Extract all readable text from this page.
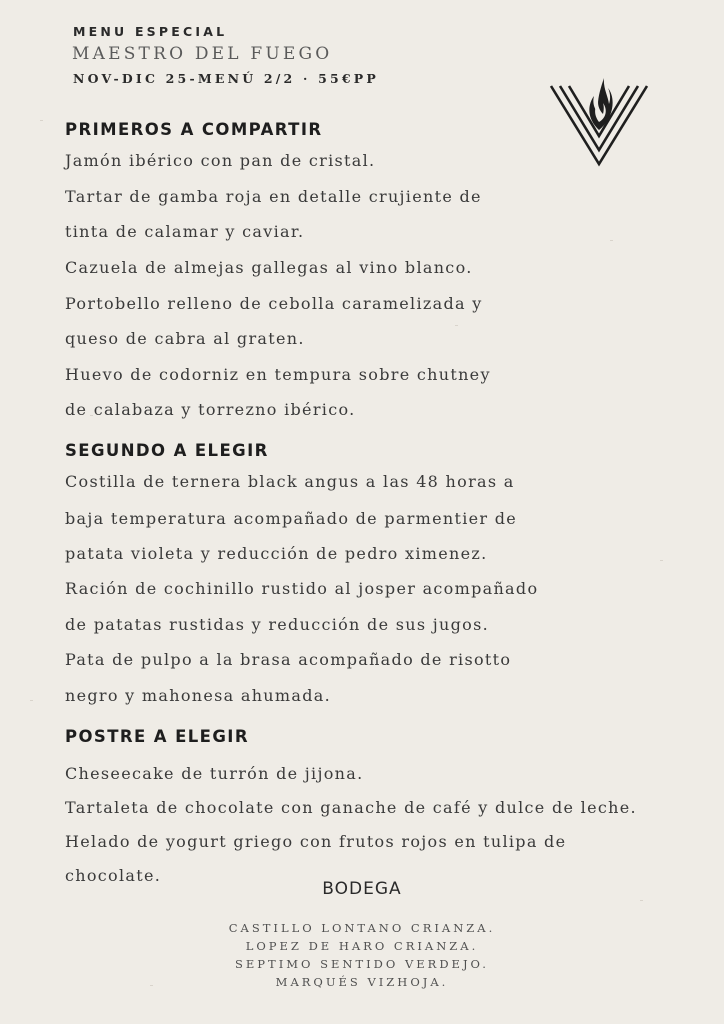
MENU ESPECIAL
MAESTRO DEL FUEGO
NOV-DIC 25-MENÚ 2/2 · 55€PP
PRIMEROS A COMPARTIR
Jamón ibérico con pan de cristal.
Tartar de gamba roja en detalle crujiente de
tinta de calamar y caviar.
Cazuela de almejas gallegas al vino blanco.
Portobello relleno de cebolla caramelizada y
queso de cabra al graten.
Huevo de codorniz en tempura sobre chutney
de calabaza y torrezno ibérico.
SEGUNDO A ELEGIR
Costilla de ternera black angus a las 48 horas a
baja temperatura acompañado de parmentier de
patata violeta y reducción de pedro ximenez.
Ración de cochinillo rustido al josper acompañado
de patatas rustidas y reducción de sus jugos.
Pata de pulpo a la brasa acompañado de risotto
negro y mahonesa ahumada.
POSTRE A ELEGIR
Cheseecake de turrón de jijona.
Tartaleta de chocolate con ganache de café y dulce de leche.
Helado de yogurt griego con frutos rojos en tulipa de
chocolate.
BODEGA
CASTILLO LONTANO CRIANZA.
LOPEZ DE HARO CRIANZA.
SEPTIMO SENTIDO VERDEJO.
MARQUÉS VIZHOJA.
